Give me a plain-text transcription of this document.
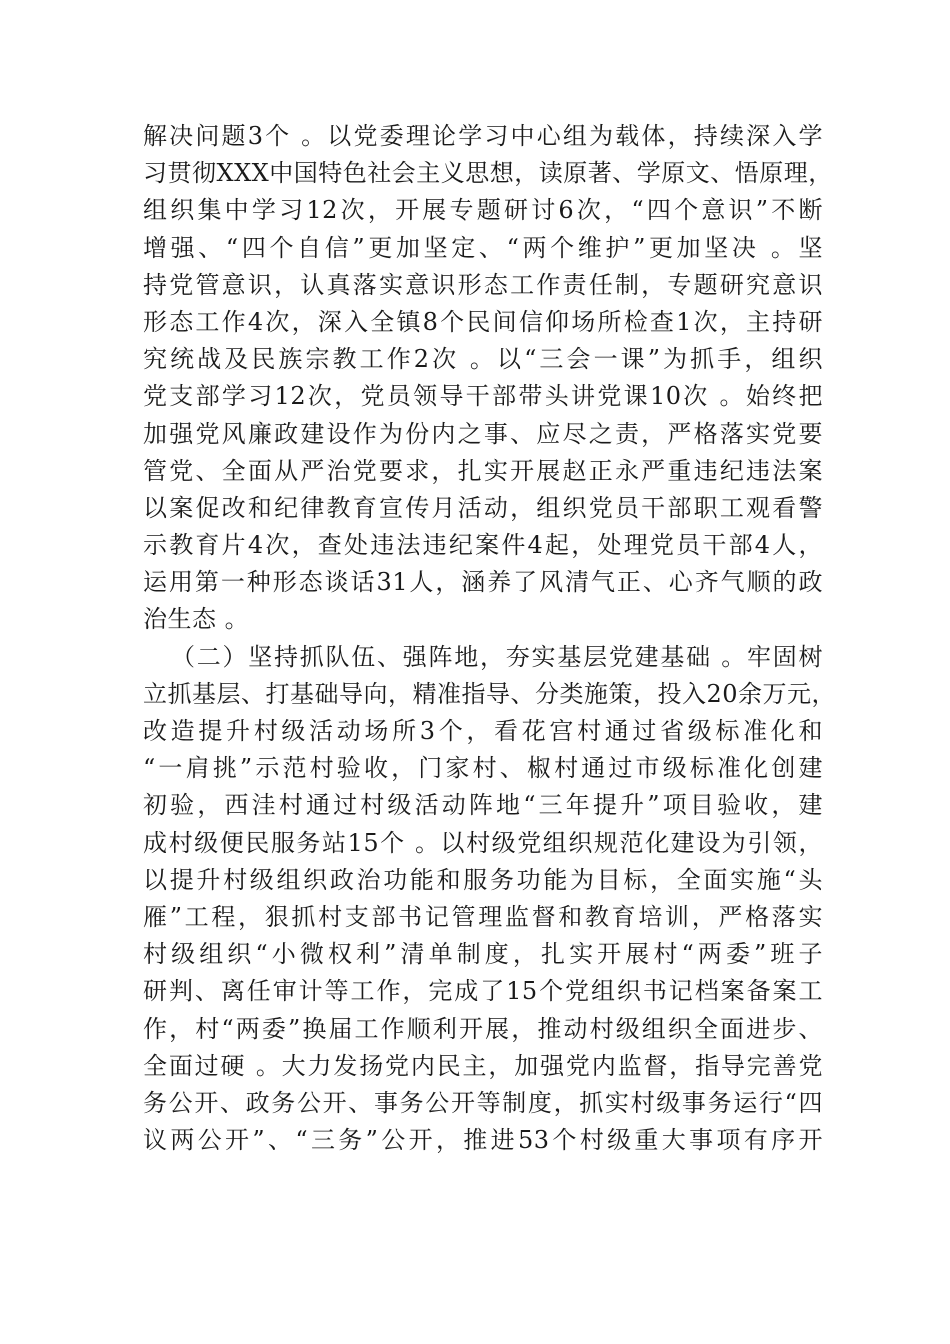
解决问题3个 。以党委理论学习中心组为载体，持续深入学
习贯彻XXX中国特色社会主义思想，读原著、学原文、悟原理，
组织集中学习12次，开展专题研讨6次，“四个意识”不断
增强、“四个自信”更加坚定、“两个维护”更加坚决 。坚
持党管意识，认真落实意识形态工作责任制，专题研究意识
形态工作4次，深入全镇8个民间信仰场所检查1次，主持研
究统战及民族宗教工作2次 。以“三会一课”为抓手，组织
党支部学习12次，党员领导干部带头讲党课10次 。始终把
加强党风廉政建设作为份内之事、应尽之责，严格落实党要
管党、全面从严治党要求，扎实开展赵正永严重违纪违法案
以案促改和纪律教育宣传月活动，组织党员干部职工观看警
示教育片4次，查处违法违纪案件4起，处理党员干部4人，
运用第一种形态谈话31人，涵养了风清气正、心齐气顺的政
治生态 。
（二）坚持抓队伍、强阵地，夯实基层党建基础 。牢固树
立抓基层、打基础导向，精准指导、分类施策，投入20余万元，
改造提升村级活动场所3个，看花宫村通过省级标准化和
“一肩挑”示范村验收，门家村、椒村通过市级标准化创建
初验，西洼村通过村级活动阵地“三年提升”项目验收，建
成村级便民服务站15个 。以村级党组织规范化建设为引领，
以提升村级组织政治功能和服务功能为目标，全面实施“头
雁”工程，狠抓村支部书记管理监督和教育培训，严格落实
村级组织“小微权利”清单制度，扎实开展村“两委”班子
研判、离任审计等工作，完成了15个党组织书记档案备案工
作，村“两委”换届工作顺利开展，推动村级组织全面进步、
全面过硬 。大力发扬党内民主，加强党内监督，指导完善党
务公开、政务公开、事务公开等制度，抓实村级事务运行“四
议两公开”、“三务”公开，推进53个村级重大事项有序开
